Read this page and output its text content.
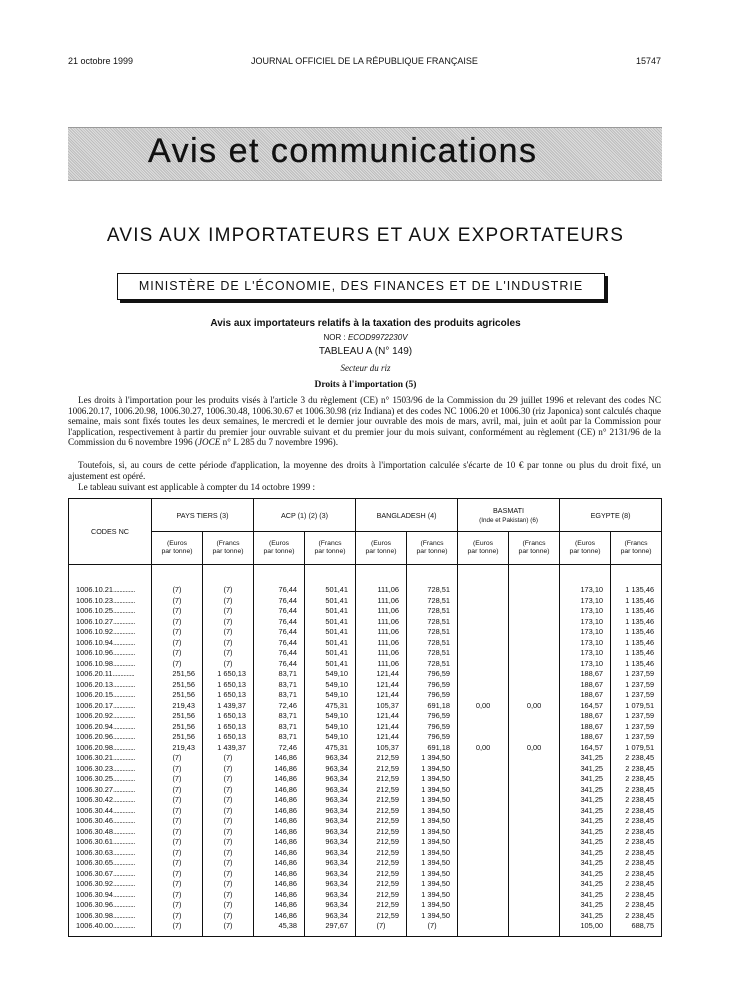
21 octobre 1999	JOURNAL OFFICIEL DE LA RÉPUBLIQUE FRANÇAISE	15747
Avis et communications
AVIS AUX IMPORTATEURS ET AUX EXPORTATEURS
MINISTÈRE DE L'ÉCONOMIE, DES FINANCES ET DE L'INDUSTRIE
Avis aux importateurs relatifs à la taxation des produits agricoles
NOR : ECOD9972230V
TABLEAU A (N° 149)
Secteur du riz
Droits à l'importation (5)
Les droits à l'importation pour les produits visés à l'article 3 du règlement (CE) n° 1503/96 de la Commission du 29 juillet 1996 et relevant des codes NC 1006.20.17, 1006.20.98, 1006.30.27, 1006.30.48, 1006.30.67 et 1006.30.98 (riz Indiana) et des codes NC 1006.20 et 1006.30 (riz Japonica) sont calculés chaque semaine, mais sont fixés toutes les deux semaines, le mercredi et le dernier jour ouvrable des mois de mars, avril, mai, juin et août par la Commission pour l'application, respectivement à partir du premier jour ouvrable suivant et du premier jour du mois suivant, conformément au règlement (CE) n° 2131/96 de la Commission du 6 novembre 1996 (JOCE n° L 285 du 7 novembre 1996).
Toutefois, si, au cours de cette période d'application, la moyenne des droits à l'importation calculée s'écarte de 10 € par tonne ou plus du droit fixé, un ajustement est opéré.
Le tableau suivant est applicable à compter du 14 octobre 1999 :
CODES NC	PAYS TIERS (3)		ACP (1) (2) (3)		BANGLADESH (4)		BASMATI
(Inde et Pakistan) (6)		EGYPTE (8)	
	(Euros
par tonne)	(Francs
par tonne)	(Euros
par tonne)	(Francs
par tonne)	(Euros
par tonne)	(Francs
par tonne)	(Euros
par tonne)	(Francs
par tonne)	(Euros
par tonne)	(Francs
par tonne)

1006.10.21..............	(7)	(7)	76,44	501,41	111,06	728,51			173,10	1 135,46
1006.10.23..............	(7)	(7)	76,44	501,41	111,06	728,51			173,10	1 135,46
1006.10.25..............	(7)	(7)	76,44	501,41	111,06	728,51			173,10	1 135,46
1006.10.27..............	(7)	(7)	76,44	501,41	111,06	728,51			173,10	1 135,46
1006.10.92..............	(7)	(7)	76,44	501,41	111,06	728,51			173,10	1 135,46
1006.10.94..............	(7)	(7)	76,44	501,41	111,06	728,51			173,10	1 135,46
1006.10.96..............	(7)	(7)	76,44	501,41	111,06	728,51			173,10	1 135,46
1006.10.98..............	(7)	(7)	76,44	501,41	111,06	728,51			173,10	1 135,46
1006.20.11..............	251,56	1 650,13	83,71	549,10	121,44	796,59			188,67	1 237,59
1006.20.13..............	251,56	1 650,13	83,71	549,10	121,44	796,59			188,67	1 237,59
1006.20.15..............	251,56	1 650,13	83,71	549,10	121,44	796,59			188,67	1 237,59
1006.20.17..............	219,43	1 439,37	72,46	475,31	105,37	691,18	0,00	0,00	164,57	1 079,51
1006.20.92..............	251,56	1 650,13	83,71	549,10	121,44	796,59			188,67	1 237,59
1006.20.94..............	251,56	1 650,13	83,71	549,10	121,44	796,59			188,67	1 237,59
1006.20.96..............	251,56	1 650,13	83,71	549,10	121,44	796,59			188,67	1 237,59
1006.20.98..............	219,43	1 439,37	72,46	475,31	105,37	691,18	0,00	0,00	164,57	1 079,51
1006.30.21..............	(7)	(7)	146,86	963,34	212,59	1 394,50			341,25	2 238,45
1006.30.23..............	(7)	(7)	146,86	963,34	212,59	1 394,50			341,25	2 238,45
1006.30.25..............	(7)	(7)	146,86	963,34	212,59	1 394,50			341,25	2 238,45
1006.30.27..............	(7)	(7)	146,86	963,34	212,59	1 394,50			341,25	2 238,45
1006.30.42..............	(7)	(7)	146,86	963,34	212,59	1 394,50			341,25	2 238,45
1006.30.44..............	(7)	(7)	146,86	963,34	212,59	1 394,50			341,25	2 238,45
1006.30.46..............	(7)	(7)	146,86	963,34	212,59	1 394,50			341,25	2 238,45
1006.30.48..............	(7)	(7)	146,86	963,34	212,59	1 394,50			341,25	2 238,45
1006.30.61..............	(7)	(7)	146,86	963,34	212,59	1 394,50			341,25	2 238,45
1006.30.63..............	(7)	(7)	146,86	963,34	212,59	1 394,50			341,25	2 238,45
1006.30.65..............	(7)	(7)	146,86	963,34	212,59	1 394,50			341,25	2 238,45
1006.30.67..............	(7)	(7)	146,86	963,34	212,59	1 394,50			341,25	2 238,45
1006.30.92..............	(7)	(7)	146,86	963,34	212,59	1 394,50			341,25	2 238,45
1006.30.94..............	(7)	(7)	146,86	963,34	212,59	1 394,50			341,25	2 238,45
1006.30.96..............	(7)	(7)	146,86	963,34	212,59	1 394,50			341,25	2 238,45
1006.30.98..............	(7)	(7)	146,86	963,34	212,59	1 394,50			341,25	2 238,45
1006.40.00..............	(7)	(7)	45,38	297,67	(7)	(7)			105,00	688,75
